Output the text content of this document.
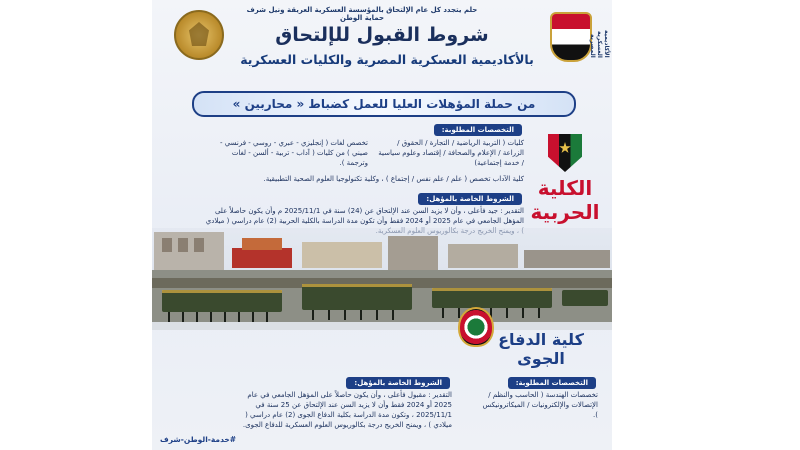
حلم يتجدد كل عام الإلتحاق بالمؤسسة العسكرية العريقة ونيل شرف حماية الوطن
الأكاديمية العسكرية المصرية
شروط القبول للإلتحاق
بالأكاديمية العسكرية المصرية والكليات العسكرية
من حملة المؤهلات العليا للعمل كضباط « محاربين »
التخصصات المطلوبة:
كليات ( التربية الرياضية / التجارة / الحقوق / الزراعة / الإعلام والصحافة / إقتصاد وعلوم سياسية / خدمة إجتماعية)
تخصص لغات ( إنجليزي - عبري - روسي - فرنسي - صيني ) من كليات ( آداب - تربية - ألسن - لغات وترجمة ).
كلية الآداب تخصص ( علم / علم نفس / إجتماع ) ، وكلية تكنولوجيا العلوم الصحية التطبيقية.
الشروط الخاصة بالمؤهل:
التقدير : جيد فأعلى ، وأن لا يزيد السن عند الإلتحاق عن (24) سنة في 2025/11/1 م وأن يكون حاصلاً على المؤهل الجامعي في عام 2025 أو 2024 فقط وأن تكون مدة الدراسة بالكلية الحربية (2) عام دراسي ( ميلادي
الكلية
الحربية
كلية الدفاع الجوى
التخصصات المطلوبة:
تخصصات الهندسة ( الحاسب والنظم / الإتصالات والإلكترونيات / الميكاترونيكس ).
الشروط الخاصة بالمؤهل:
التقدير : مقبول فأعلى ، وأن يكون حاصلاً على المؤهل الجامعي في عام 2025 أو 2024 فقط وأن لا يزيد السن عند الإلتحاق عن 25 سنة في 2025/11/1 ، وتكون مدة الدراسة بكلية الدفاع الجوى (2) عام دراسي ( ميلادي ) ، ويمنح الخريج درجة بكالوريوس العلوم العسكرية للدفاع الجوى.
#خدمة-الوطن-شرف
